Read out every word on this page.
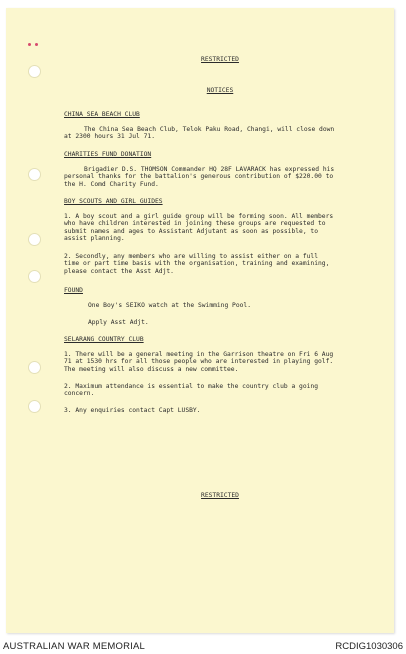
RESTRICTED
NOTICES
CHINA SEA BEACH CLUB

The China Sea Beach Club, Telok Paku Road, Changi, will close down at 2300 hours 31 Jul 71.

CHARITIES FUND DONATION

Brigadier D.S. THOMSON Commander HQ 28F LAVARACK has expressed his personal thanks for the battalion's generous contribution of $220.00 to the H. Comd Charity Fund.

BOY SCOUTS AND GIRL GUIDES

1. A boy scout and a girl guide group will be forming soon. All members who have children interested in joining these groups are requested to submit names and ages to Assistant Adjutant as soon as possible, to assist planning.

2. Secondly, any members who are willing to assist either on a full time or part time basis with the organisation, training and examining, please contact the Asst Adjt.

FOUND

One Boy's SEIKO watch at the Swimming Pool.

Apply Asst Adjt.

SELARANG COUNTRY CLUB

1. There will be a general meeting in the Garrison theatre on Fri 6 Aug 71 at 1530 hrs for all those people who are interested in playing golf. The meeting will also discuss a new committee.

2. Maximum attendance is essential to make the country club a going concern.

3. Any enquiries contact Capt LUSBY.

RESTRICTED
AUSTRALIAN WAR MEMORIAL	RCDIG1030306
